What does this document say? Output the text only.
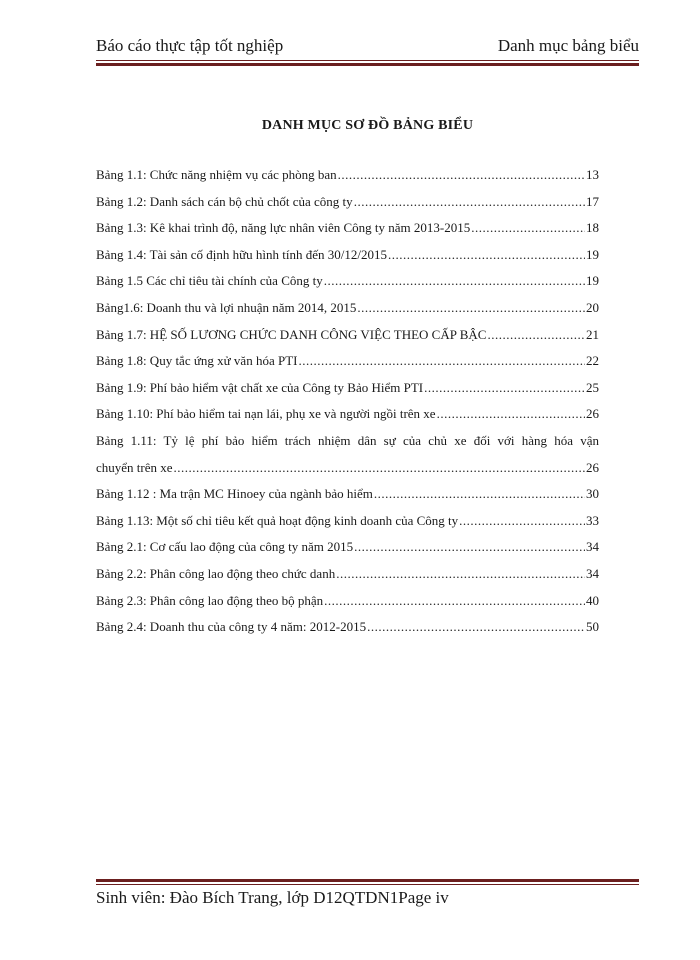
Báo cáo thực tập tốt nghiệp	Danh mục bảng biểu
DANH MỤC SƠ ĐỒ BẢNG BIỂU
Bảng 1.1: Chức năng nhiệm vụ các phòng ban .....	13
Bảng 1.2: Danh sách cán bộ chủ chốt của công ty .....	17
Bảng 1.3: Kê khai trình độ, năng lực nhân viên Công ty năm 2013-2015 .....	18
Bảng 1.4: Tài sản cố định hữu hình tính đến 30/12/2015 .....	19
Bảng 1.5 Các chỉ tiêu tài chính của Công ty .....	19
Bảng1.6: Doanh thu và lợi nhuận năm 2014, 2015 .....	20
Bảng 1.7: HỆ SỐ LƯƠNG CHỨC DANH CÔNG VIỆC THEO CẤP BẬC .....	21
Bảng 1.8: Quy tắc ứng xử văn hóa PTI .....	22
Bảng 1.9: Phí bảo hiểm vật chất xe của Công ty Bảo Hiểm PTI .....	25
Bảng 1.10: Phí bảo hiểm tai nạn lái, phụ xe và người ngồi trên xe .....	26
Bảng 1.11: Tỷ lệ phí bảo hiểm trách nhiệm dân sự của chủ xe đối với hàng hóa vận
chuyển trên xe .....	26
Bảng 1.12 : Ma trận MC Hinoey của ngành bảo hiểm .....	30
Bảng 1.13: Một số chỉ tiêu kết quả hoạt động kinh doanh của Công ty .....	33
Bảng 2.1: Cơ cấu lao động của công ty năm 2015 .....	34
Bảng 2.2: Phân công lao động theo chức danh .....	34
Bảng 2.3: Phân công lao động theo bộ phận .....	40
Bảng 2.4: Doanh thu của công ty 4 năm: 2012-2015 .....	50
Sinh viên: Đào Bích Trang, lớp D12QTDN1Page iv
